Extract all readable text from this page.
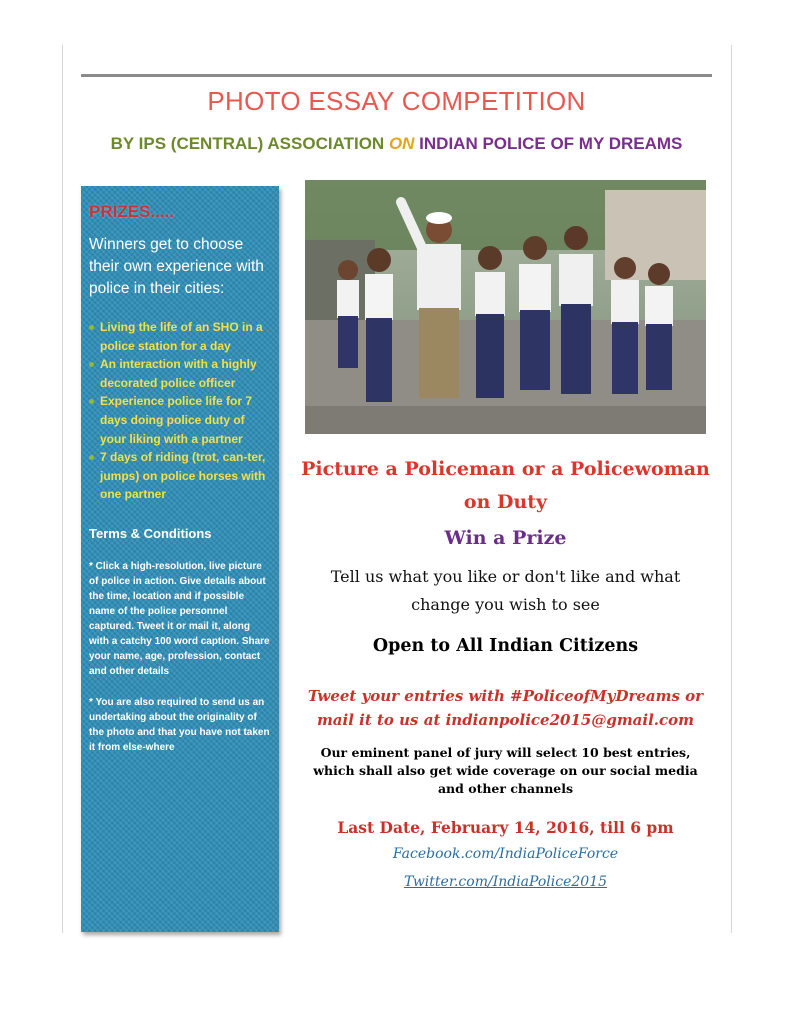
PHOTO ESSAY COMPETITION
BY IPS (CENTRAL) ASSOCIATION ON INDIAN POLICE OF MY DREAMS
PRIZES.....

Winners get to choose their own experience with police in their cities:

Living the life of an SHO in a police station for a day
An interaction with a highly decorated police officer
Experience police life for 7 days doing police duty of your liking with a partner
7 days of riding (trot, can-ter, jumps) on police horses with one partner
Terms & Conditions

* Click a high-resolution, live picture of police in action. Give details about the time, location and if possible name of the police personnel captured. Tweet it or mail it, along with a catchy 100 word caption. Share your name, age, profession, contact and other details

* You are also required to send us an undertaking about the originality of the photo and that you have not taken it from else-where

Picture a Policeman or a Policewoman on Duty
Win a Prize
Tell us what you like or don't like and what change you wish to see
Open to All Indian Citizens
Tweet your entries with #PoliceofMyDreams or mail it to us at indianpolice2015@gmail.com
Our eminent panel of jury will select 10 best entries, which shall also get wide coverage on our social media and other channels
Last Date, February 14, 2016, till 6 pm
Facebook.com/IndiaPoliceForce
Twitter.com/IndiaPolice2015
